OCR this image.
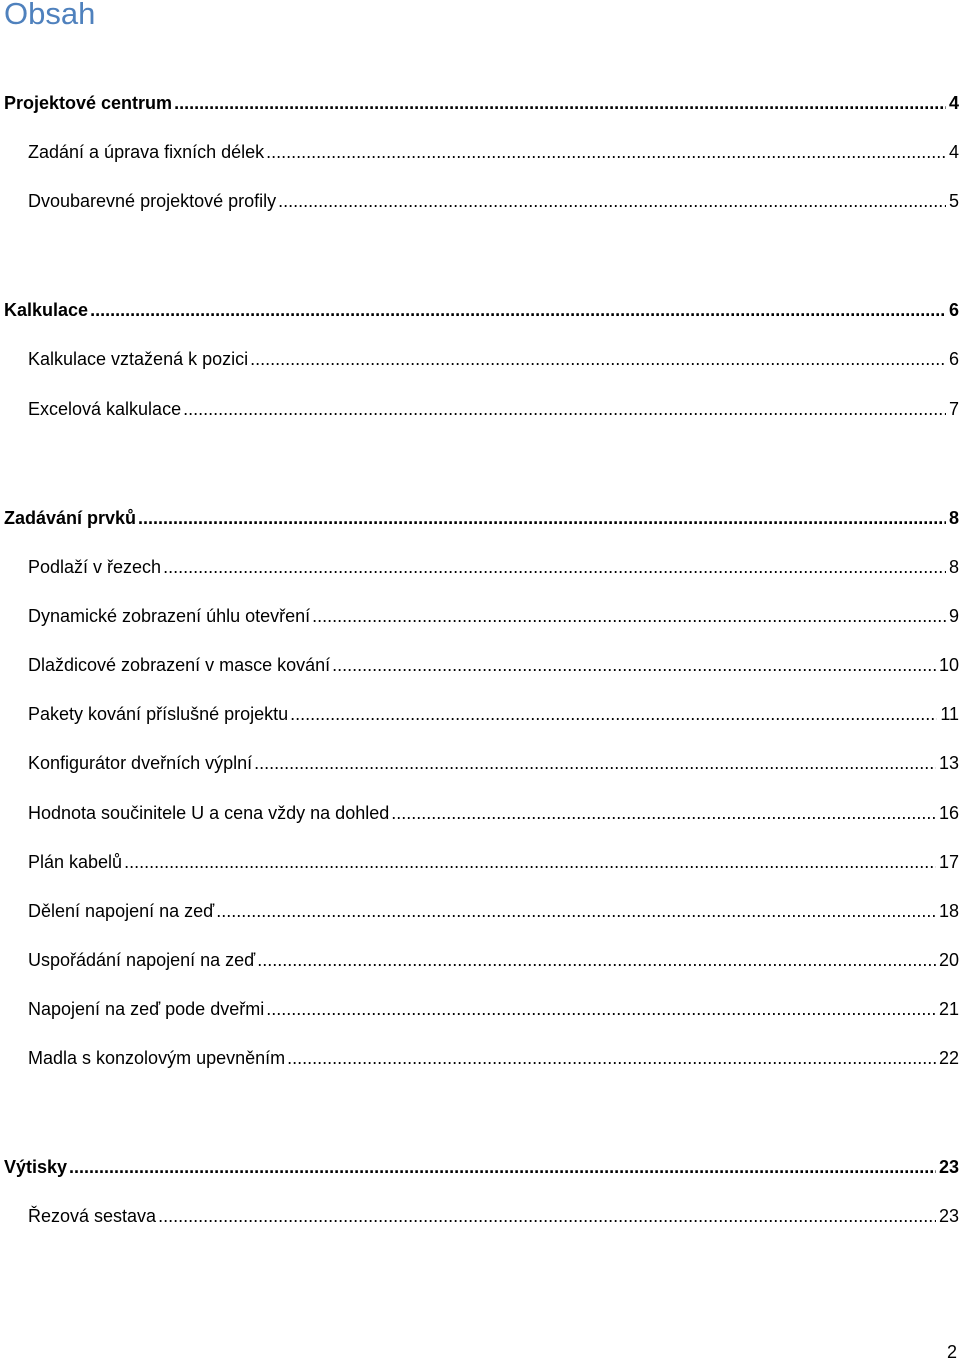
Obsah
Projektové centrum .....	4
Zadání a úprava fixních délek .....	4
Dvoubarevné projektové profily .....	5
Kalkulace .....	6
Kalkulace vztažená k pozici .....	6
Excelová kalkulace .....	7
Zadávání prvků .....	8
Podlaží v řezech .....	8
Dynamické zobrazení úhlu otevření .....	9
Dlaždicové zobrazení v masce kování .....	10
Pakety kování příslušné projektu .....	11
Konfigurátor dveřních výplní .....	13
Hodnota součinitele U a cena vždy na dohled .....	16
Plán kabelů .....	17
Dělení napojení na zeď .....	18
Uspořádání napojení na zeď .....	20
Napojení na zeď pode dveřmi .....	21
Madla s konzolovým upevněním .....	22
Výtisky .....	23
Řezová sestava .....	23
2
